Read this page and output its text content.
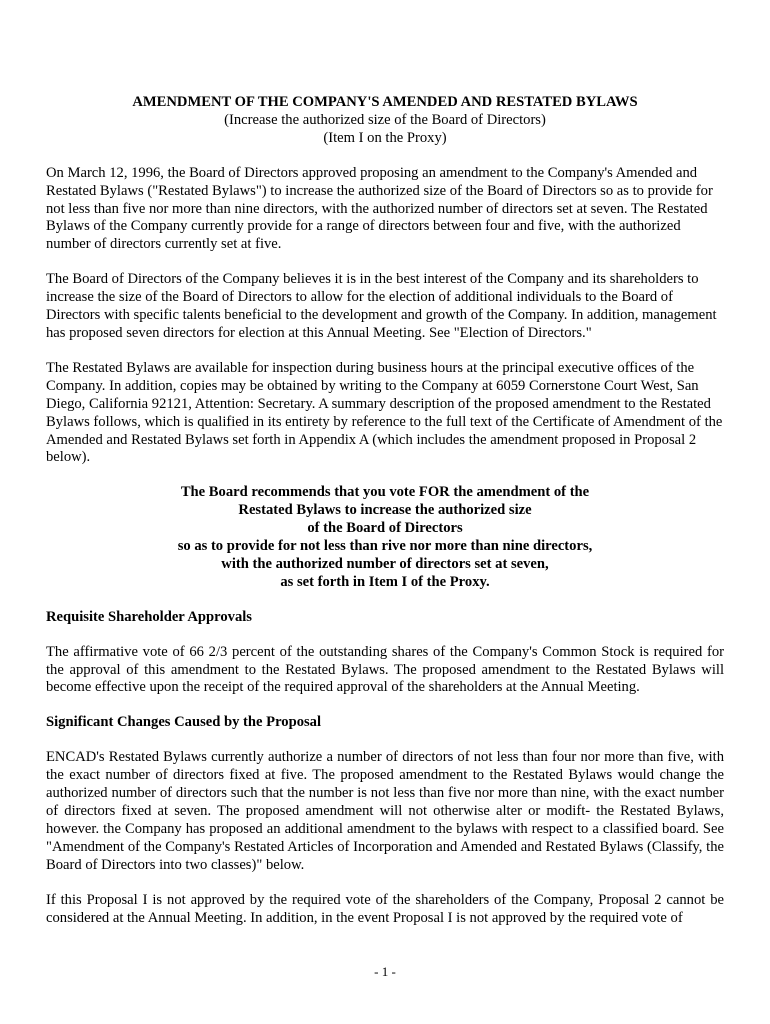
AMENDMENT OF THE COMPANY'S AMENDED AND RESTATED BYLAWS
(Increase the authorized size of the Board of Directors)
(Item I on the Proxy)

On March 12, 1996, the Board of Directors approved proposing an amendment to the Company's Amended and Restated Bylaws ("Restated Bylaws") to increase the authorized size of the Board of Directors so as to provide for not less than five nor more than nine directors, with the authorized number of directors set at seven. The Restated Bylaws of the Company currently provide for a range of directors between four and five, with the authorized number of directors currently set at five.

The Board of Directors of the Company believes it is in the best interest of the Company and its shareholders to increase the size of the Board of Directors to allow for the election of additional individuals to the Board of Directors with specific talents beneficial to the development and growth of the Company. In addition, management has proposed seven directors for election at this Annual Meeting. See "Election of Directors."

The Restated Bylaws are available for inspection during business hours at the principal executive offices of the Company. In addition, copies may be obtained by writing to the Company at 6059 Cornerstone Court West, San Diego, California 92121, Attention: Secretary. A summary description of the proposed amendment to the Restated Bylaws follows, which is qualified in its entirety by reference to the full text of the Certificate of Amendment of the Amended and Restated Bylaws set forth in Appendix A (which includes the amendment proposed in Proposal 2 below).

The Board recommends that you vote FOR the amendment of the
Restated Bylaws to increase the authorized size
of the Board of Directors
so as to provide for not less than rive nor more than nine directors,
with the authorized number of directors set at seven,
as set forth in Item I of the Proxy.
Requisite Shareholder Approvals

The affirmative vote of 66 2/3 percent of the outstanding shares of the Company's Common Stock is required for the approval of this amendment to the Restated Bylaws. The proposed amendment to the Restated Bylaws will become effective upon the receipt of the required approval of the shareholders at the Annual Meeting.

Significant Changes Caused by the Proposal

ENCAD's Restated Bylaws currently authorize a number of directors of not less than four nor more than five, with the exact number of directors fixed at five. The proposed amendment to the Restated Bylaws would change the authorized number of directors such that the number is not less than five nor more than nine, with the exact number of directors fixed at seven. The proposed amendment will not otherwise alter or modift- the Restated Bylaws, however. the Company has proposed an additional amendment to the bylaws with respect to a classified board. See "Amendment of the Company's Restated Articles of Incorporation and Amended and Restated Bylaws (Classify, the Board of Directors into two classes)" below.

If this Proposal I is not approved by the required vote of the shareholders of the Company, Proposal 2 cannot be considered at the Annual Meeting. In addition, in the event Proposal I is not approved by the required vote of

- 1 -
